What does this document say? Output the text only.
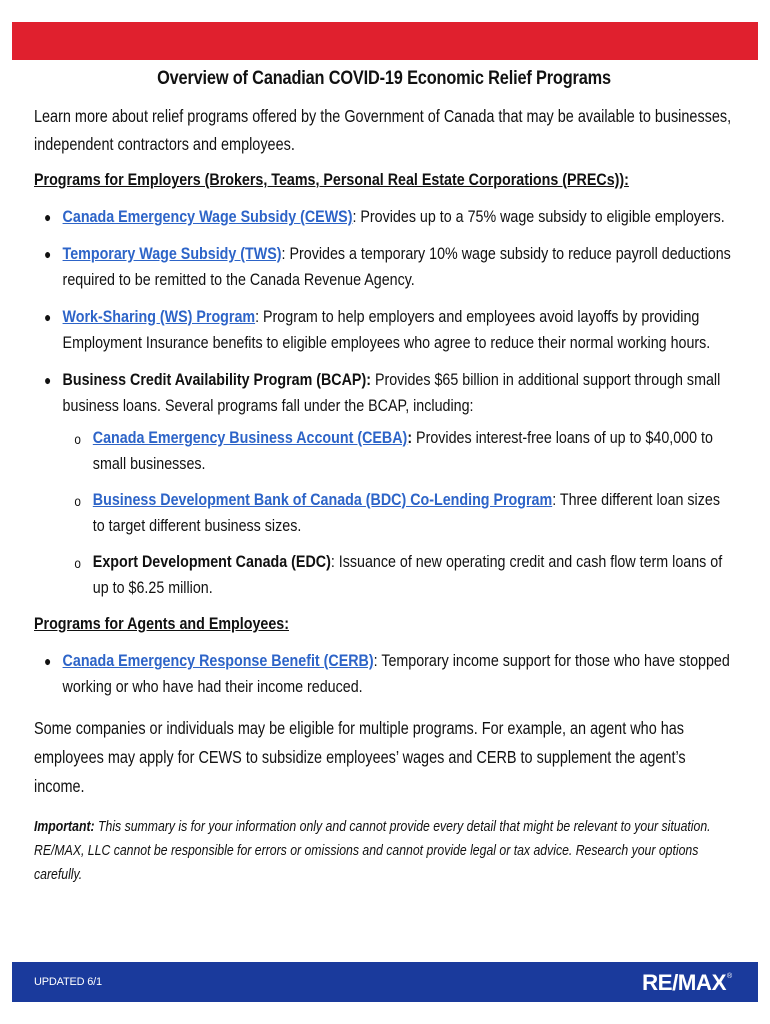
Overview of Canadian COVID-19 Economic Relief Programs

Learn more about relief programs offered by the Government of Canada that may be available to businesses, independent contractors and employees.

Programs for Employers (Brokers, Teams, Personal Real Estate Corporations (PRECs)):

● Canada Emergency Wage Subsidy (CEWS): Provides up to a 75% wage subsidy to eligible employers.
● Temporary Wage Subsidy (TWS): Provides a temporary 10% wage subsidy to reduce payroll deductions required to be remitted to the Canada Revenue Agency.
● Work-Sharing (WS) Program: Program to help employers and employees avoid layoffs by providing Employment Insurance benefits to eligible employees who agree to reduce their normal working hours.
● Business Credit Availability Program (BCAP): Provides $65 billion in additional support through small business loans. Several programs fall under the BCAP, including:
o Canada Emergency Business Account (CEBA): Provides interest-free loans of up to $40,000 to small businesses.
o Business Development Bank of Canada (BDC) Co-Lending Program: Three different loan sizes to target different business sizes.
o Export Development Canada (EDC): Issuance of new operating credit and cash flow term loans of up to $6.25 million.

Programs for Agents and Employees:

● Canada Emergency Response Benefit (CERB): Temporary income support for those who have stopped working or who have had their income reduced.

Some companies or individuals may be eligible for multiple programs. For example, an agent who has employees may apply for CEWS to subsidize employees’ wages and CERB to supplement the agent’s income.

Important: This summary is for your information only and cannot provide every detail that might be relevant to your situation. RE/MAX, LLC cannot be responsible for errors or omissions and cannot provide legal or tax advice. Research your options carefully.

UPDATED 6/1	RE/MAX ®
